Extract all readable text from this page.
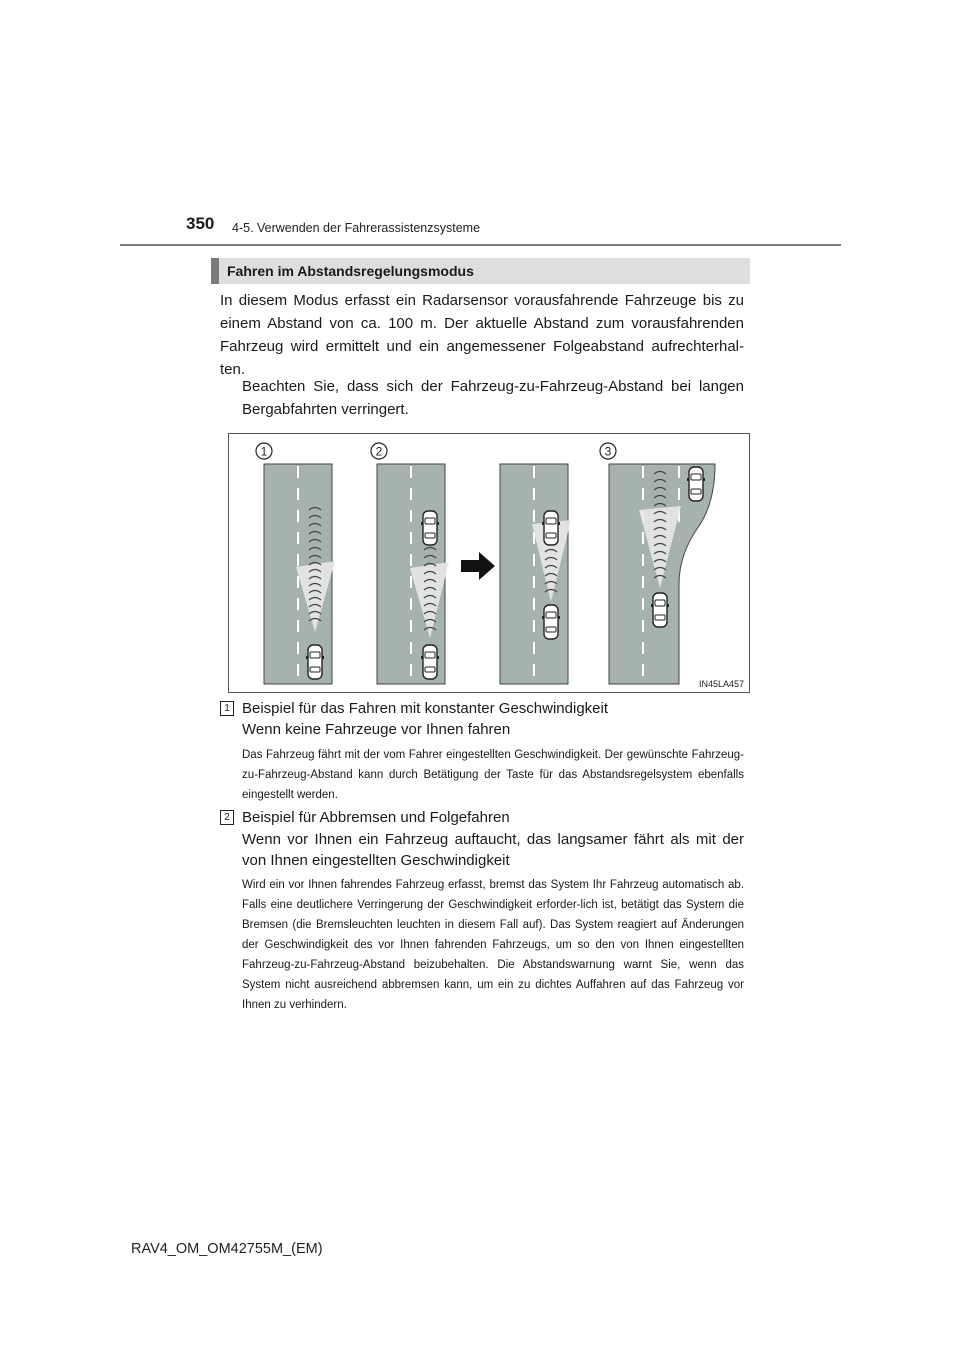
350 4-5. Verwenden der Fahrerassistenzsysteme
Fahren im Abstandsregelungsmodus

In diesem Modus erfasst ein Radarsensor vorausfahrende Fahrzeuge bis zu einem Abstand von ca. 100 m. Der aktuelle Abstand zum vorausfahrenden Fahrzeug wird ermittelt und ein angemessener Folgeabstand aufrechterhal-ten.

Beachten Sie, dass sich der Fahrzeug-zu-Fahrzeug-Abstand bei langen Bergabfahrten verringert.

1	2	3
IN45LA457
1 Beispiel für das Fahren mit konstanter Geschwindigkeit

Wenn keine Fahrzeuge vor Ihnen fahren

Das Fahrzeug fährt mit der vom Fahrer eingestellten Geschwindigkeit. Der gewünschte Fahrzeug-zu-Fahrzeug-Abstand kann durch Betätigung der Taste für das Abstandsregelsystem ebenfalls eingestellt werden.

2 Beispiel für Abbremsen und Folgefahren

Wenn vor Ihnen ein Fahrzeug auftaucht, das langsamer fährt als mit der von Ihnen eingestellten Geschwindigkeit

Wird ein vor Ihnen fahrendes Fahrzeug erfasst, bremst das System Ihr Fahrzeug automatisch ab. Falls eine deutlichere Verringerung der Geschwindigkeit erforder-lich ist, betätigt das System die Bremsen (die Bremsleuchten leuchten in diesem Fall auf). Das System reagiert auf Änderungen der Geschwindigkeit des vor Ihnen fahrenden Fahrzeugs, um so den von Ihnen eingestellten Fahrzeug-zu-Fahrzeug-Abstand beizubehalten. Die Abstandswarnung warnt Sie, wenn das System nicht ausreichend abbremsen kann, um ein zu dichtes Auffahren auf das Fahrzeug vor Ihnen zu verhindern.

RAV4_OM_OM42755M_(EM)
